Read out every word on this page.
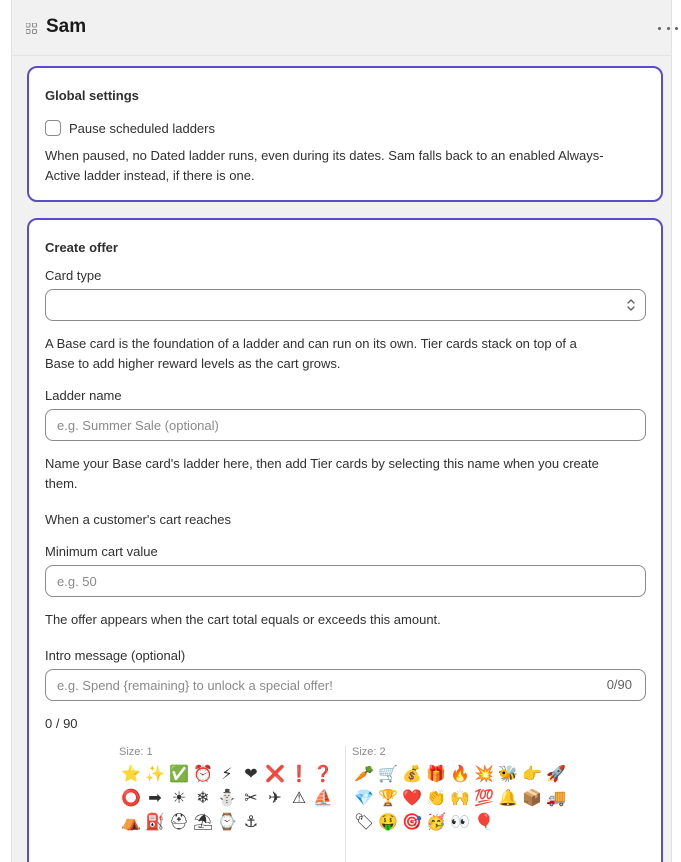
Sam
Global settings
Pause scheduled ladders
When paused, no Dated ladder runs, even during its dates. Sam falls back to an enabled Always-
Active ladder instead, if there is one.
Create offer
Card type
A Base card is the foundation of a ladder and can run on its own. Tier cards stack on top of a
Base to add higher reward levels as the cart grows.
Ladder name
e.g. Summer Sale (optional)
Name your Base card's ladder here, then add Tier cards by selecting this name when you create
them.
When a customer's cart reaches
Minimum cart value
e.g. 50
The offer appears when the cart total equals or exceeds this amount.
Intro message (optional)
e.g. Spend {remaining} to unlock a special offer!
0/90
0 / 90
Size: 1
⭐ ✨ ✅ ⏰ ⚡ ❤ ❌ ❗ ❓
⭕ ➡ ☀ ❄ ⛄ ✂ ✈ ⚠ ⛵
⛺ ⛽ ⛑ ⛱ ⌚ ⚓
Size: 2
🥕 🛒 💰 🎁 🔥 💥 🐝 👉 🚀
💎 🏆 ❤️ 👏 🙌 💯 🔔 📦 🚚
🏷 🤑 🎯 🥳 👀 🎈
